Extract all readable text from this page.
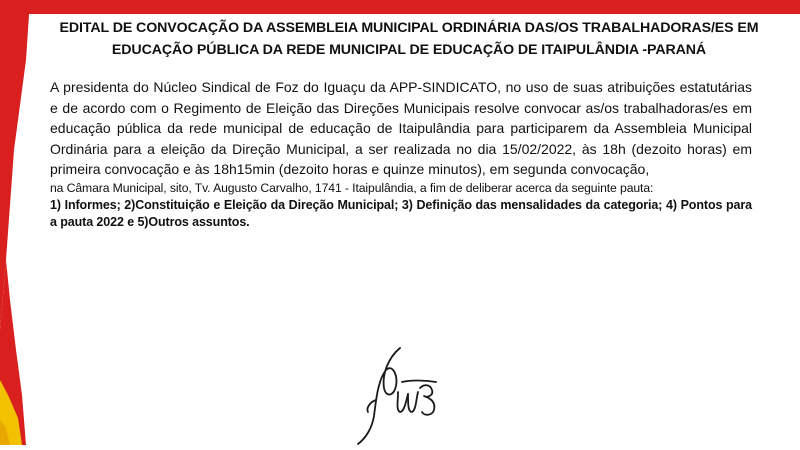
EDITAL DE CONVOCAÇÃO DA ASSEMBLEIA MUNICIPAL ORDINÁRIA DAS/OS TRABALHADORAS/ES EM
EDUCAÇÃO PÚBLICA DA REDE MUNICIPAL DE EDUCAÇÃO DE ITAIPULÂNDIA -PARANÁ

A presidenta do Núcleo Sindical de Foz do Iguaçu da APP-SINDICATO, no uso de suas atribuições estatutárias e de acordo com o Regimento de Eleição das Direções Municipais resolve convocar as/os trabalhadoras/es em educação pública da rede municipal de educação de Itaipulândia para participarem da Assembleia Municipal Ordinária para a eleição da Direção Municipal, a ser realizada no dia 15/02/2022, às 18h (dezoito horas) em primeira convocação e às 18h15min (dezoito horas e quinze minutos), em segunda convocação,

na Câmara Municipal, sito, Tv. Augusto Carvalho, 1741 - Itaipulândia, a fim de deliberar acerca da seguinte pauta:

1) Informes; 2)Constituição e Eleição da Direção Municipal; 3) Definição das mensalidades da categoria; 4) Pontos para a pauta 2022 e 5)Outros assuntos.
